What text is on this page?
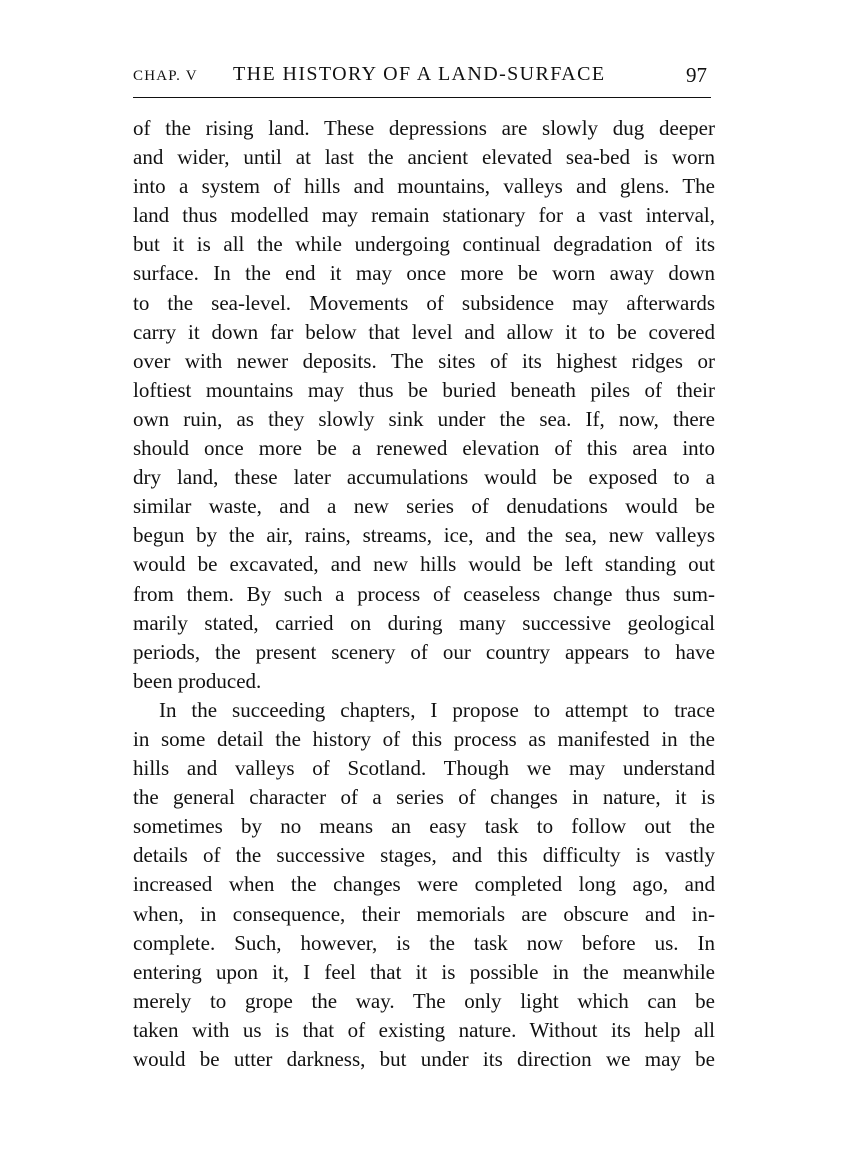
CHAP. V THE HISTORY OF A LAND-SURFACE	97
of the rising land. These depressions are slowly dug deeper
and wider, until at last the ancient elevated sea-bed is worn
into a system of hills and mountains, valleys and glens. The
land thus modelled may remain stationary for a vast interval,
but it is all the while undergoing continual degradation of its
surface. In the end it may once more be worn away down
to the sea-level. Movements of subsidence may afterwards
carry it down far below that level and allow it to be covered
over with newer deposits. The sites of its highest ridges or
loftiest mountains may thus be buried beneath piles of their
own ruin, as they slowly sink under the sea. If, now, there
should once more be a renewed elevation of this area into
dry land, these later accumulations would be exposed to a
similar waste, and a new series of denudations would be
begun by the air, rains, streams, ice, and the sea, new valleys
would be excavated, and new hills would be left standing out
from them. By such a process of ceaseless change thus sum-
marily stated, carried on during many successive geological
periods, the present scenery of our country appears to have
been produced.
In the succeeding chapters, I propose to attempt to trace
in some detail the history of this process as manifested in the
hills and valleys of Scotland. Though we may understand
the general character of a series of changes in nature, it is
sometimes by no means an easy task to follow out the
details of the successive stages, and this difficulty is vastly
increased when the changes were completed long ago, and
when, in consequence, their memorials are obscure and in-
complete. Such, however, is the task now before us. In
entering upon it, I feel that it is possible in the meanwhile
merely to grope the way. The only light which can be
taken with us is that of existing nature. Without its help all
would be utter darkness, but under its direction we may be
